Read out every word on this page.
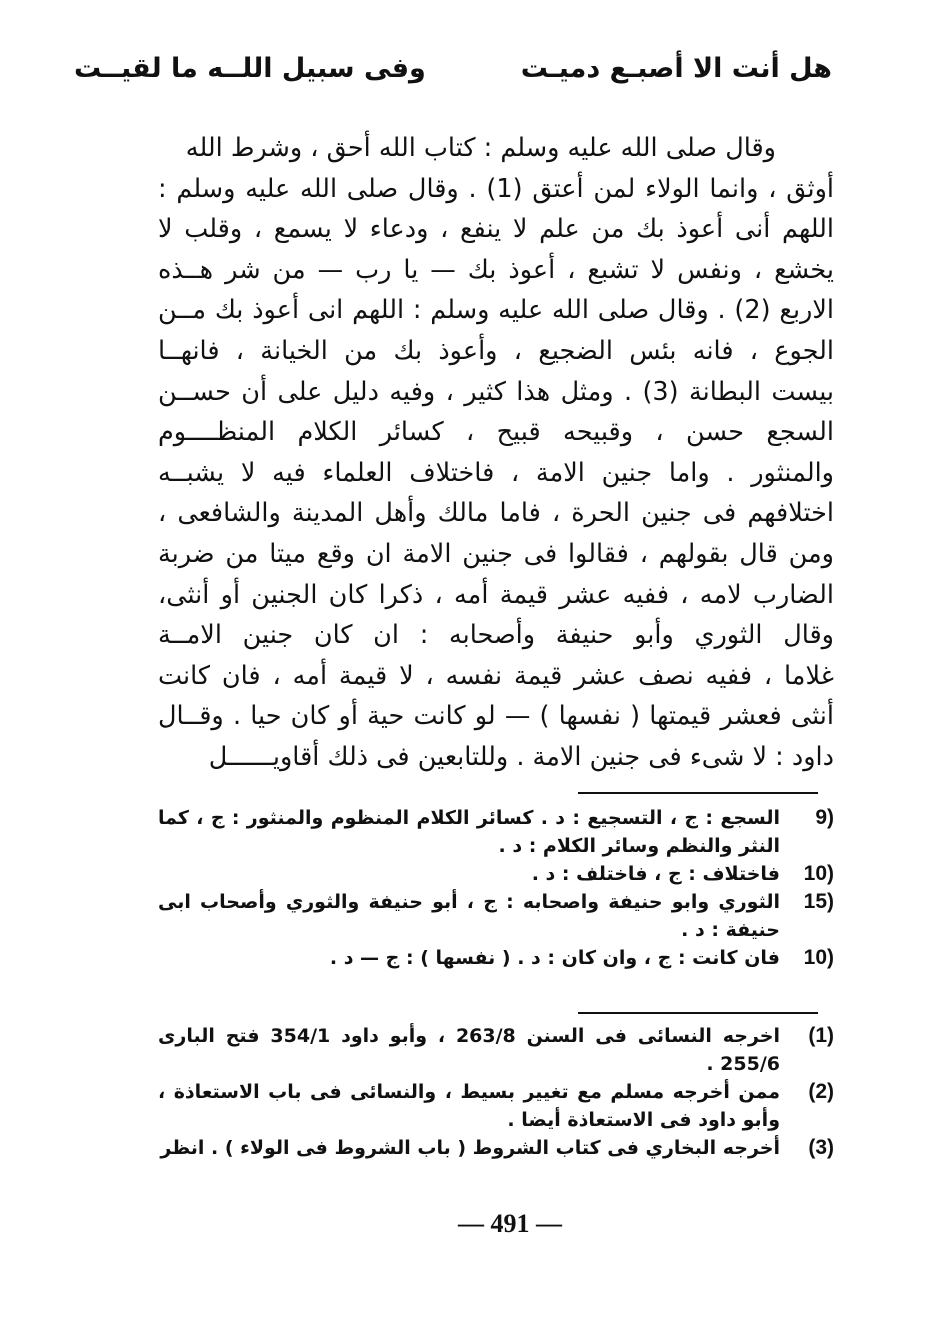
هل أنت الا أصبـع دميـت
وفى سبيل اللــه ما لقيــت
وقال صلى الله عليه وسلم : كتاب الله أحق ، وشرط الله
أوثق ، وانما الولاء لمن أعتق (1) . وقال صلى الله عليه وسلم :
اللهم أنى أعوذ بك من علم لا ينفع ، ودعاء لا يسمع ، وقلب لا
يخشع ، ونفس لا تشبع ، أعوذ بك — يا رب — من شر هــذه
الاربع (2) . وقال صلى الله عليه وسلم : اللهم انى أعوذ بك مــن
الجوع ، فانه بئس الضجيع ، وأعوذ بك من الخيانة ، فانهــا
بيست البطانة (3) . ومثل هذا كثير ، وفيه دليل على أن حســن
السجع حسن ، وقبيحه قبيح ، كسائر الكلام المنظــــوم
والمنثور . واما جنين الامة ، فاختلاف العلماء فيه لا يشبــه
اختلافهم فى جنين الحرة ، فاما مالك وأهل المدينة والشافعى ،
ومن قال بقولهم ، فقالوا فى جنين الامة ان وقع ميتا من ضربة
الضارب لامه ، ففيه عشر قيمة أمه ، ذكرا كان الجنين أو أنثى،
وقال الثوري وأبو حنيفة وأصحابه : ان كان جنين الامــة
غلاما ، ففيه نصف عشر قيمة نفسه ، لا قيمة أمه ، فان كانت
أنثى فعشر قيمتها ( نفسها ) — لو كانت حية أو كان حيا . وقــال
داود : لا شىء فى جنين الامة . وللتابعين فى ذلك أقاويــــــل
9)
السجع : ج ، التسجيع : د . كسائر الكلام المنظوم والمنثور : ج ، كما النثر والنظم وسائر الكلام : د .
10)
فاختلاف : ج ، فاختلف : د .
15)
الثوري وابو حنيفة واصحابه : ج ، أبو حنيفة والثوري وأصحاب ابى حنيفة : د .
10)
فان كانت : ج ، وان كان : د . ( نفسها ) : ج — د .
(1)
اخرجه النسائى فى السنن 263/8 ، وأبو داود 354/1 فتح البارى 255/6 .
(2)
ممن أخرجه مسلم مع تغيير بسيط ، والنسائى فى باب الاستعاذة ، وأبو داود فى الاستعاذة أيضا .
(3)
أخرجه البخاري فى كتاب الشروط ( باب الشروط فى الولاء ) . انظر
— 491 —
